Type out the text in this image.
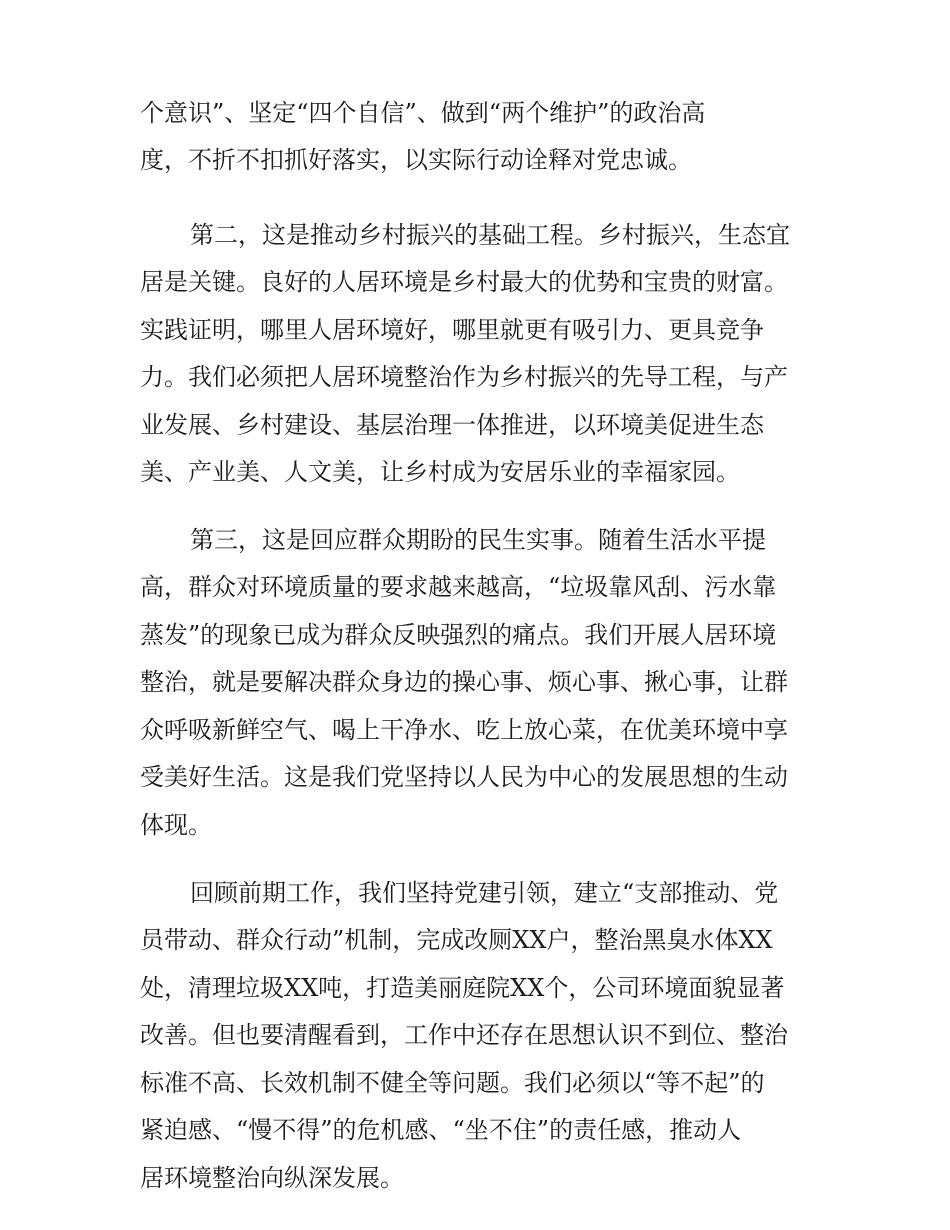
个意识”、坚定“四个自信”、做到“两个维护”的政治高
度，不折不扣抓好落实，以实际行动诠释对党忠诚。
第二，这是推动乡村振兴的基础工程。乡村振兴，生态宜
居是关键。良好的人居环境是乡村最大的优势和宝贵的财富。
实践证明，哪里人居环境好，哪里就更有吸引力、更具竞争
力。我们必须把人居环境整治作为乡村振兴的先导工程，与产
业发展、乡村建设、基层治理一体推进，以环境美促进生态
美、产业美、人文美，让乡村成为安居乐业的幸福家园。
第三，这是回应群众期盼的民生实事。随着生活水平提
高，群众对环境质量的要求越来越高，“垃圾靠风刮、污水靠
蒸发”的现象已成为群众反映强烈的痛点。我们开展人居环境
整治，就是要解决群众身边的操心事、烦心事、揪心事，让群
众呼吸新鲜空气、喝上干净水、吃上放心菜，在优美环境中享
受美好生活。这是我们党坚持以人民为中心的发展思想的生动
体现。
回顾前期工作，我们坚持党建引领，建立“支部推动、党
员带动、群众行动”机制，完成改厕XX户，整治黑臭水体XX
处，清理垃圾XX吨，打造美丽庭院XX个，公司环境面貌显著
改善。但也要清醒看到，工作中还存在思想认识不到位、整治
标准不高、长效机制不健全等问题。我们必须以“等不起”的
紧迫感、“慢不得”的危机感、“坐不住”的责任感，推动人
居环境整治向纵深发展。
